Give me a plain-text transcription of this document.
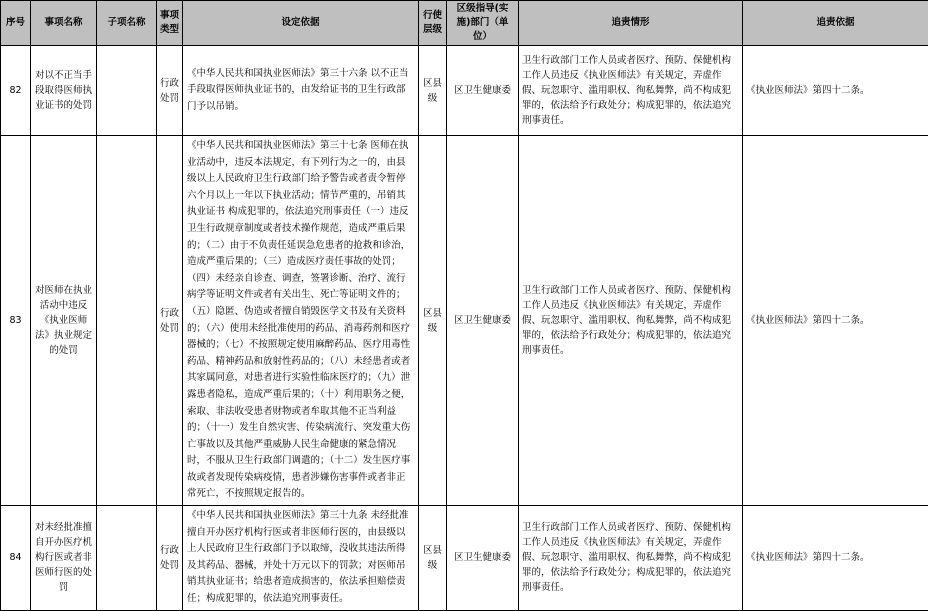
序号	事项名称	子项名称	事项类型	设定依据	行使层级	区级指导(实施)部门（单位）	追责情形	追责依据
82	对以不正当手段取得医师执业证书的处罚		行政处罚	《中华人民共和国执业医师法》第三十六条 以不正当手段取得医师执业证书的，由发给证书的卫生行政部门予以吊销。	区县级	区卫生健康委	卫生行政部门工作人员或者医疗、预防、保健机构工作人员违反《执业医师法》有关规定，弄虚作假、玩忽职守、滥用职权、徇私舞弊，尚不构成犯罪的，依法给予行政处分；构成犯罪的，依法追究刑事责任。	《执业医师法》第四十二条。
83	对医师在执业活动中违反《执业医师法》执业规定的处罚		行政处罚	《中华人民共和国执业医师法》第三十七条 医师在执业活动中，违反本法规定，有下列行为之一的，由县级以上人民政府卫生行政部门给予警告或者责令暂停六个月以上一年以下执业活动；情节严重的，吊销其执业证书 构成犯罪的，依法追究刑事责任（一）违反卫生行政规章制度或者技术操作规范，造成严重后果的；（二）由于不负责任延误急危患者的抢救和诊治，造成严重后果的；（三）造成医疗责任事故的处罚；（四）未经亲自诊查、调查，签署诊断、治疗、流行病学等证明文件或者有关出生、死亡等证明文件的；（五）隐匿、伪造或者擅自销毁医学文书及有关资料的；（六）使用未经批准使用的药品、消毒药剂和医疗器械的；（七）不按照规定使用麻醉药品、医疗用毒性药品、精神药品和放射性药品的；（八）未经患者或者其家属同意，对患者进行实验性临床医疗的；（九）泄露患者隐私，造成严重后果的；（十）利用职务之便，索取、非法收受患者财物或者牟取其他不正当利益的；（十一）发生自然灾害、传染病流行、突发重大伤亡事故以及其他严重威胁人民生命健康的紧急情况时，不服从卫生行政部门调遣的；（十二）发生医疗事故或者发现传染病疫情，患者涉嫌伤害事件或者非正常死亡，不按照规定报告的。	区县级	区卫生健康委	卫生行政部门工作人员或者医疗、预防、保健机构工作人员违反《执业医师法》有关规定，弄虚作假、玩忽职守、滥用职权、徇私舞弊，尚不构成犯罪的，依法给予行政处分；构成犯罪的，依法追究刑事责任。	《执业医师法》第四十二条。
84	对未经批准擅自开办医疗机构行医或者非医师行医的处罚		行政处罚	《中华人民共和国执业医师法》第三十九条 未经批准擅自开办医疗机构行医或者非医师行医的，由县级以上人民政府卫生行政部门予以取缔，没收其违法所得及其药品、器械，并处十万元以下的罚款；对医师吊销其执业证书；给患者造成损害的，依法承担赔偿责任；构成犯罪的，依法追究刑事责任。	区县级	区卫生健康委	卫生行政部门工作人员或者医疗、预防、保健机构工作人员违反《执业医师法》有关规定，弄虚作假、玩忽职守、滥用职权、徇私舞弊，尚不构成犯罪的，依法给予行政处分；构成犯罪的，依法追究刑事责任。	《执业医师法》第四十二条。
